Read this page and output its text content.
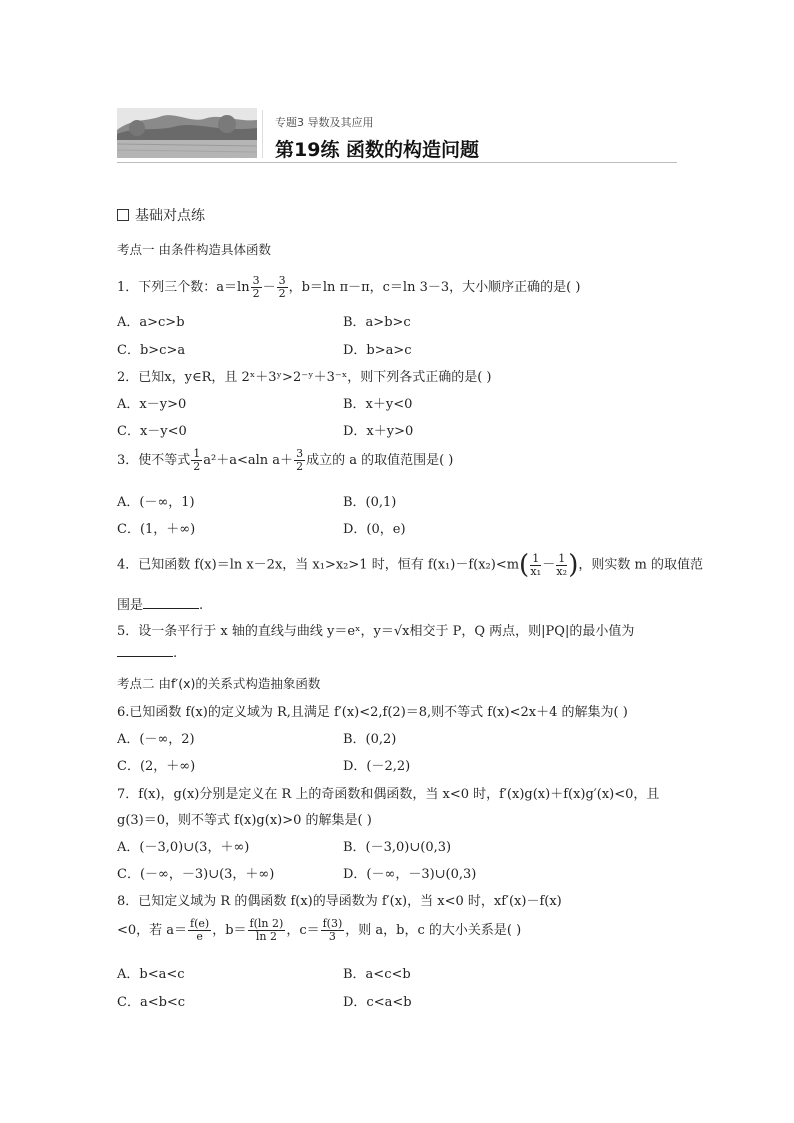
专题3 导数及其应用
第19练 函数的构造问题
基础对点练
考点一 由条件构造具体函数
1．下列三个数：$a=\ln \frac{3}{2} - \frac{3}{2}$ ，b＝ln π－π，c＝ln 3－3，大小顺序正确的是( )
A．a>c>b	B．a>b>c
C．b>c>a	D．b>a>c
2．已知x，y∈R，且 2ˣ＋3ʸ>2⁻ʸ＋3⁻ˣ，则下列各式正确的是( )
A．x－y>0	B．x＋y<0
C．x－y<0	D．x＋y>0
3．使不等式 $\frac{1}{2} a^2+a<aln$ $a+ \frac{3}{2}$ 成立的 a 的取值范围是( )
A．(－∞，1)	B．(0,1)
C．(1，＋∞)	D．(0，e)
4．已知函数 f(x)＝ln x－2x，当 x₁>x₂>1 时，恒有 $f(x_1)-f(x_2)<m( \frac{1}{\text{x₁}} - \frac{1}{\text{x₂}}$ )，则实数 m 的取值范
围是	.
5．设一条平行于 x 轴的直线与曲线 y＝eˣ，y＝√x相交于 P，Q 两点，则|PQ|的最小值为
.
考点二 由f′(x)的关系式构造抽象函数
6.已知函数 f(x)的定义域为 R,且满足 f′(x)<2,f(2)＝8,则不等式 f(x)<2x＋4 的解集为( )
A．(－∞，2)	B．(0,2)
C．(2，＋∞)	D．(－2,2)
7．f(x)，g(x)分别是定义在 R 上的奇函数和偶函数，当 x<0 时，f′(x)g(x)＋f(x)g′(x)<0，且
g(3)＝0，则不等式 f(x)g(x)>0 的解集是( )
A．(－3,0)∪(3，＋∞)	B．(－3,0)∪(0,3)
C．(－∞，－3)∪(3，＋∞)	D．(－∞，－3)∪(0,3)
8．已知定义域为 R 的偶函数 f(x)的导函数为 f′(x)，当 x<0 时，xf′(x)－f(x)
<0，若 $a= \frac{f(e)}{e}$ ，$b= \frac{f(\ln 2)}{\ln 2}$ ，$c= \frac{f(3)}{3}$ ，则 a，b，c 的大小关系是( )
A．b<a<c	B．a<c<b
C．a<b<c	D．c<a<b
